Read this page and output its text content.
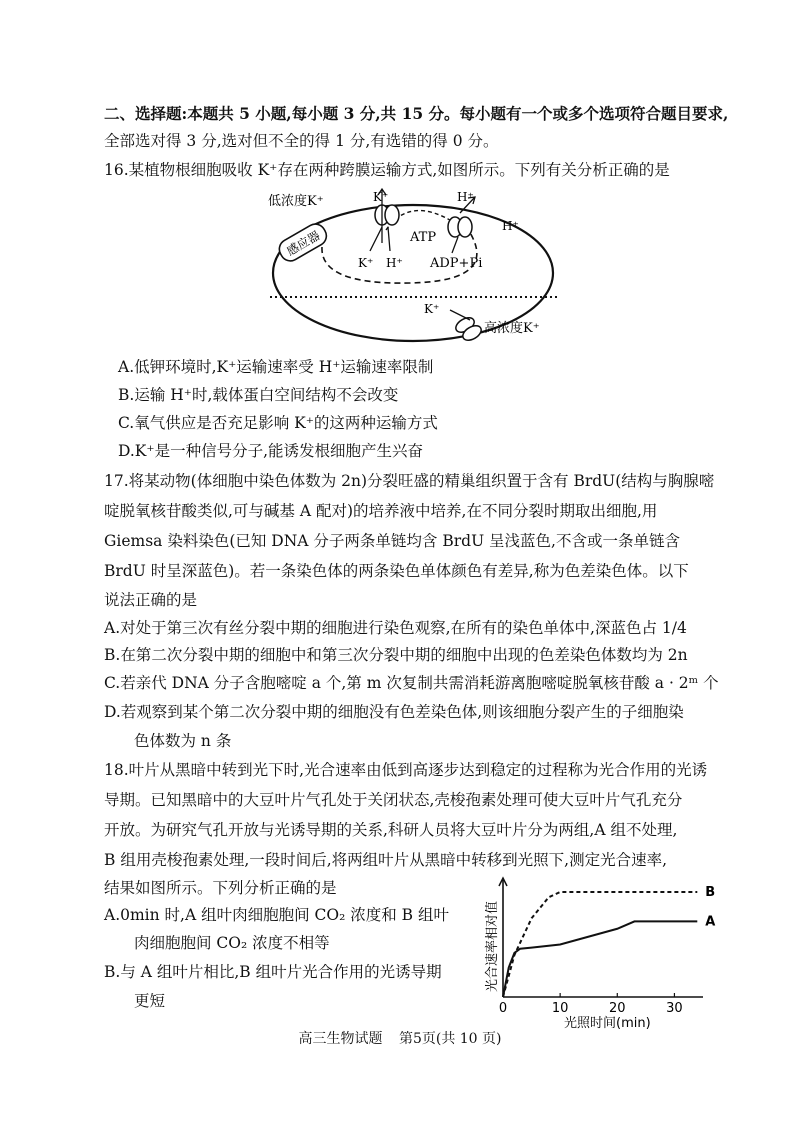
二、选择题:本题共 5 小题,每小题 3 分,共 15 分。每小题有一个或多个选项符合题目要求,
全部选对得 3 分,选对但不全的得 1 分,有选错的得 0 分。
16.某植物根细胞吸收 K⁺存在两种跨膜运输方式,如图所示。下列有关分析正确的是
感应器
低浓度K⁺	K⁺	H⁺
H⁺
ATP
K⁺ H⁺ ADP+Pi
K⁺
高浓度K⁺
A.低钾环境时,K⁺运输速率受 H⁺运输速率限制
B.运输 H⁺时,载体蛋白空间结构不会改变
C.氧气供应是否充足影响 K⁺的这两种运输方式
D.K⁺是一种信号分子,能诱发根细胞产生兴奋
17.将某动物(体细胞中染色体数为 2n)分裂旺盛的精巢组织置于含有 BrdU(结构与胸腺嘧
啶脱氧核苷酸类似,可与碱基 A 配对)的培养液中培养,在不同分裂时期取出细胞,用
Giemsa 染料染色(已知 DNA 分子两条单链均含 BrdU 呈浅蓝色,不含或一条单链含
BrdU 时呈深蓝色)。若一条染色体的两条染色单体颜色有差异,称为色差染色体。以下
说法正确的是
A.对处于第三次有丝分裂中期的细胞进行染色观察,在所有的染色单体中,深蓝色占 1/4
B.在第二次分裂中期的细胞中和第三次分裂中期的细胞中出现的色差染色体数均为 2n
C.若亲代 DNA 分子含胞嘧啶 a 个,第 m 次复制共需消耗游离胞嘧啶脱氧核苷酸 a · 2ᵐ 个
D.若观察到某个第二次分裂中期的细胞没有色差染色体,则该细胞分裂产生的子细胞染
色体数为 n 条
18.叶片从黑暗中转到光下时,光合速率由低到高逐步达到稳定的过程称为光合作用的光诱
导期。已知黑暗中的大豆叶片气孔处于关闭状态,壳梭孢素处理可使大豆叶片气孔充分
开放。为研究气孔开放与光诱导期的关系,科研人员将大豆叶片分为两组,A 组不处理,
B 组用壳梭孢素处理,一段时间后,将两组叶片从黑暗中转移到光照下,测定光合速率,
结果如图所示。下列分析正确的是
A.0min 时,A 组叶肉细胞胞间 CO₂ 浓度和 B 组叶
肉细胞胞间 CO₂ 浓度不相等
B.与 A 组叶片相比,B 组叶片光合作用的光诱导期
更短
光合速率相对值
0	10	20	30
B
A
光照时间(min)
高三生物试题 第5页(共 10 页)
